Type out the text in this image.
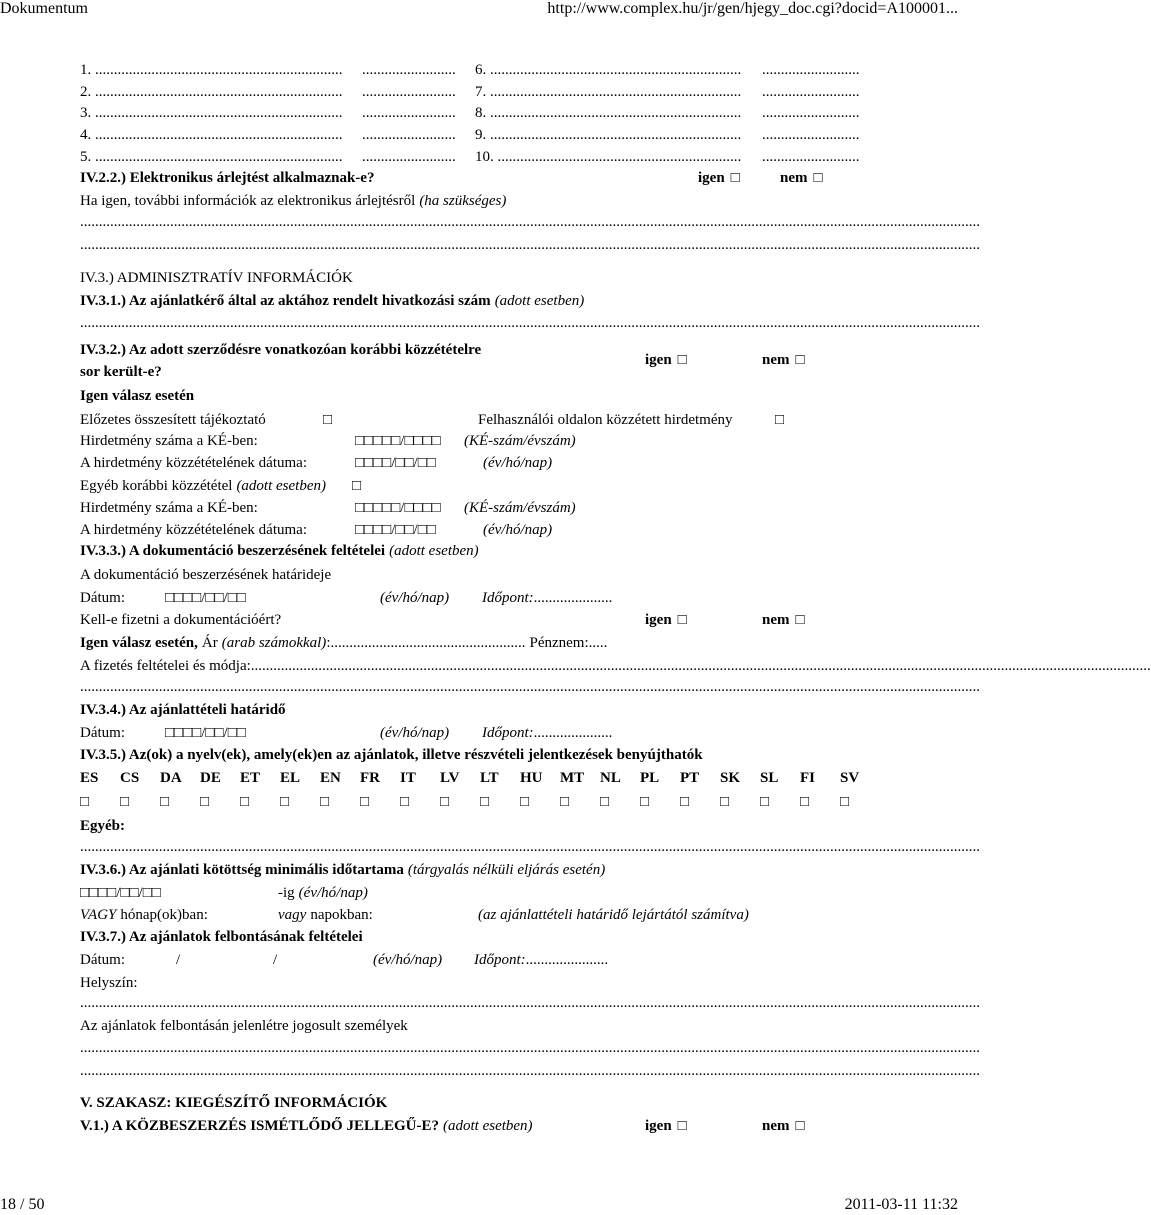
Dokumentum	http://www.complex.hu/jr/gen/hjegy_doc.cgi?docid=A100001...
1. .................................................................. .........................
2. .................................................................. .........................
3. .................................................................. .........................
4. .................................................................. .........................
5. .................................................................. .........................
6. ................................................................... ..........................
7. ................................................................... ..........................
8. ................................................................... ..........................
9. ................................................................... ..........................
10. ................................................................. ..........................
IV.2.2.) Elektronikus árlejtést alkalmaznak-e?	igen □	nem □
Ha igen, további információk az elektronikus árlejtésről (ha szükséges)
................................................................................................................................................................................................................................................
................................................................................................................................................................................................................................................
IV.3.) ADMINISZTRATÍV INFORMÁCIÓK
IV.3.1.) Az ajánlatkérő által az aktához rendelt hivatkozási szám (adott esetben)
................................................................................................................................................................................................................................................
IV.3.2.) Az adott szerződésre vonatkozóan korábbi közzétételre
sor került-e?
igen □	nem □
Igen válasz esetén
Előzetes összesített tájékoztató	□	Felhasználói oldalon közzétett hirdetmény	□
Hirdetmény száma a KÉ-ben:	□□□□□/□□□□ (KÉ-szám/évszám)
A hirdetmény közzétételének dátuma:	□□□□/□□/□□	(év/hó/nap)
Egyéb korábbi közzététel (adott esetben) □
Hirdetmény száma a KÉ-ben:	□□□□□/□□□□ (KÉ-szám/évszám)
A hirdetmény közzétételének dátuma:	□□□□/□□/□□	(év/hó/nap)
IV.3.3.) A dokumentáció beszerzésének feltételei (adott esetben)
A dokumentáció beszerzésének határideje
Dátum:	□□□□/□□/□□	(év/hó/nap) Időpont:.....................
Kell-e fizetni a dokumentációért?	igen □	nem □
Igen válasz esetén, Ár (arab számokkal):.................................................... Pénznem:.....
A fizetés feltételei és módja:................................................................................................................................................................................................................................................
................................................................................................................................................................................................................................................
IV.3.4.) Az ajánlattételi határidő
Dátum:	□□□□/□□/□□	(év/hó/nap) Időpont:.....................
IV.3.5.) Az(ok) a nyelv(ek), amely(ek)en az ajánlatok, illetve részvételi jelentkezések benyújthatók
ES	CS	DA	DE	ET	EL	EN	FR	IT	LV	LT	HU	MT	NL	PL	PT	SK	SL	FI	SV
□	□	□	□	□	□	□	□	□	□	□	□	□	□	□	□	□	□	□	□
Egyéb:
................................................................................................................................................................................................................................................
IV.3.6.) Az ajánlati kötöttség minimális időtartama (tárgyalás nélküli eljárás esetén)
□□□□/□□/□□	-ig (év/hó/nap)
VAGY hónap(ok)ban:	vagy napokban:	(az ajánlattételi határidő lejártától számítva)
IV.3.7.) Az ajánlatok felbontásának feltételei
Dátum:	/	/	(év/hó/nap) Időpont:......................
Helyszín:
................................................................................................................................................................................................................................................
Az ajánlatok felbontásán jelenlétre jogosult személyek
................................................................................................................................................................................................................................................
................................................................................................................................................................................................................................................
V. SZAKASZ: KIEGÉSZÍTŐ INFORMÁCIÓK
V.1.) A KÖZBESZERZÉS ISMÉTLŐDŐ JELLEGŰ-E? (adott esetben)	igen □	nem □
18 / 50	2011-03-11 11:32
